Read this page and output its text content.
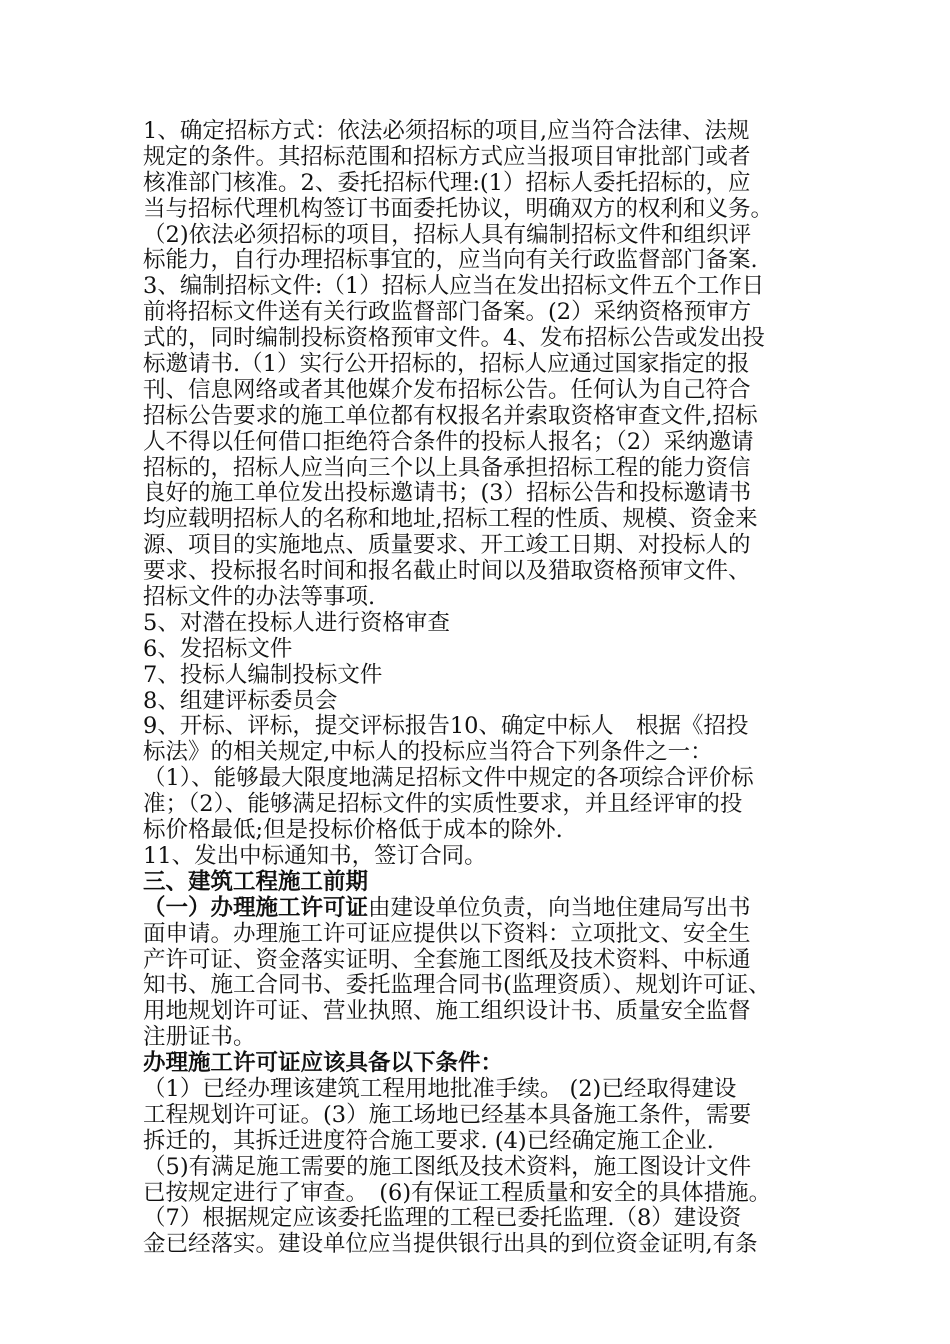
1、确定招标方式：依法必须招标的项目,应当符合法律、法规
规定的条件。其招标范围和招标方式应当报项目审批部门或者
核准部门核准。2、委托招标代理:(1）招标人委托招标的，应
当与招标代理机构签订书面委托协议，明确双方的权利和义务。
（2)依法必须招标的项目，招标人具有编制招标文件和组织评
标能力，自行办理招标事宜的，应当向有关行政监督部门备案.
3、编制招标文件:（1）招标人应当在发出招标文件五个工作日
前将招标文件送有关行政监督部门备案。(2）采纳资格预审方
式的，同时编制投标资格预审文件。4、发布招标公告或发出投
标邀请书.（1）实行公开招标的，招标人应通过国家指定的报
刊、信息网络或者其他媒介发布招标公告。任何认为自己符合
招标公告要求的施工单位都有权报名并索取资格审查文件,招标
人不得以任何借口拒绝符合条件的投标人报名；（2）采纳邀请
招标的，招标人应当向三个以上具备承担招标工程的能力资信
良好的施工单位发出投标邀请书；(3）招标公告和投标邀请书
均应载明招标人的名称和地址,招标工程的性质、规模、资金来
源、项目的实施地点、质量要求、开工竣工日期、对投标人的
要求、投标报名时间和报名截止时间以及猎取资格预审文件、
招标文件的办法等事项.
5、对潜在投标人进行资格审查
6、发招标文件
7、投标人编制投标文件
8、组建评标委员会
9、开标、评标，提交评标报告10、确定中标人　根据《招投
标法》的相关规定,中标人的投标应当符合下列条件之一：
（1）、能够最大限度地满足招标文件中规定的各项综合评价标
准；（2）、能够满足招标文件的实质性要求，并且经评审的投
标价格最低;但是投标价格低于成本的除外.
11、发出中标通知书，签订合同。
三、建筑工程施工前期
（一）办理施工许可证由建设单位负责，向当地住建局写出书
面申请。办理施工许可证应提供以下资料：立项批文、安全生
产许可证、资金落实证明、全套施工图纸及技术资料、中标通
知书、施工合同书、委托监理合同书(监理资质）、规划许可证、
用地规划许可证、营业执照、施工组织设计书、质量安全监督
注册证书。
办理施工许可证应该具备以下条件：
（1）已经办理该建筑工程用地批准手续。 (2)已经取得建设
工程规划许可证。(3）施工场地已经基本具备施工条件，需要
拆迁的，其拆迁进度符合施工要求. (4)已经确定施工企业.
（5)有满足施工需要的施工图纸及技术资料，施工图设计文件
已按规定进行了审查。　(6)有保证工程质量和安全的具体措施。
（7）根据规定应该委托监理的工程已委托监理.（8）建设资
金已经落实。建设单位应当提供银行出具的到位资金证明,有条
